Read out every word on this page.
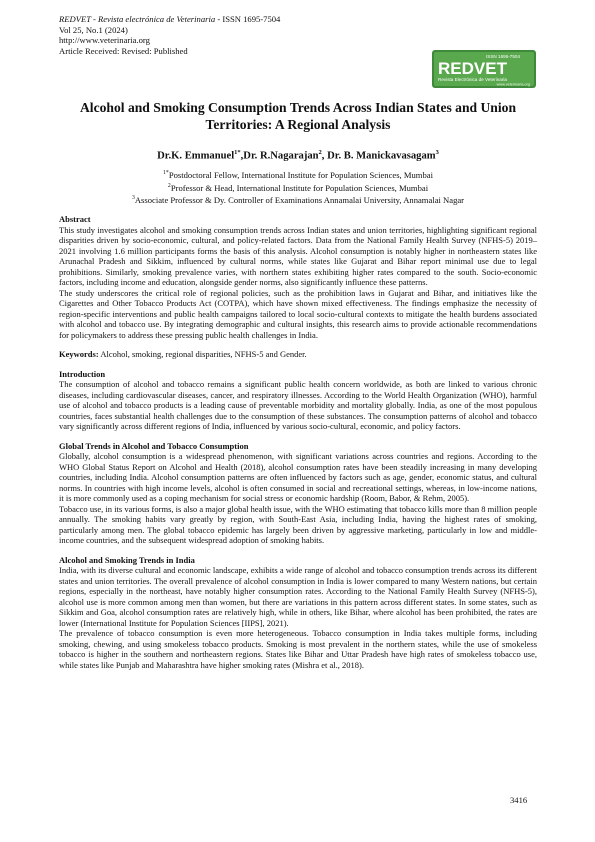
REDVET - Revista electrónica de Veterinaria - ISSN 1695-7504
Vol 25, No.1 (2024)
http://www.veterinaria.org
Article Received: Revised: Published
ISSN 1695-7504
REDVET
Revista Electrónica de Veterinaria
www.veterinaria.org
Alcohol and Smoking Consumption Trends Across Indian States and Union Territories: A Regional Analysis
Dr.K. Emmanuel$^{1*}$,Dr. R.Nagarajan$^2$, Dr. B. Manickavasagam$^3$
$^{1*}$Postdoctoral Fellow, International Institute for Population Sciences, Mumbai
$^2$Professor & Head, International Institute for Population Sciences, Mumbai
$^3$Associate Professor & Dy. Controller of Examinations Annamalai University, Annamalai Nagar
Abstract

This study investigates alcohol and smoking consumption trends across Indian states and union territories, highlighting significant regional disparities driven by socio-economic, cultural, and policy-related factors. Data from the National Family Health Survey (NFHS-5) 2019–2021 involving 1.6 million participants forms the basis of this analysis. Alcohol consumption is notably higher in northeastern states like Arunachal Pradesh and Sikkim, influenced by cultural norms, while states like Gujarat and Bihar report minimal use due to legal prohibitions. Similarly, smoking prevalence varies, with northern states exhibiting higher rates compared to the south. Socio-economic factors, including income and education, alongside gender norms, also significantly influence these patterns.

The study underscores the critical role of regional policies, such as the prohibition laws in Gujarat and Bihar, and initiatives like the Cigarettes and Other Tobacco Products Act (COTPA), which have shown mixed effectiveness. The findings emphasize the necessity of region-specific interventions and public health campaigns tailored to local socio-cultural contexts to mitigate the health burdens associated with alcohol and tobacco use. By integrating demographic and cultural insights, this research aims to provide actionable recommendations for policymakers to address these pressing public health challenges in India.

Keywords: Alcohol, smoking, regional disparities, NFHS-5 and Gender.

Introduction

The consumption of alcohol and tobacco remains a significant public health concern worldwide, as both are linked to various chronic diseases, including cardiovascular diseases, cancer, and respiratory illnesses. According to the World Health Organization (WHO), harmful use of alcohol and tobacco products is a leading cause of preventable morbidity and mortality globally. India, as one of the most populous countries, faces substantial health challenges due to the consumption of these substances. The consumption patterns of alcohol and tobacco vary significantly across different regions of India, influenced by various socio-cultural, economic, and policy factors.

Global Trends in Alcohol and Tobacco Consumption

Globally, alcohol consumption is a widespread phenomenon, with significant variations across countries and regions. According to the WHO Global Status Report on Alcohol and Health (2018), alcohol consumption rates have been steadily increasing in many developing countries, including India. Alcohol consumption patterns are often influenced by factors such as age, gender, economic status, and cultural norms. In countries with high income levels, alcohol is often consumed in social and recreational settings, whereas, in low-income nations, it is more commonly used as a coping mechanism for social stress or economic hardship (Room, Babor, & Rehm, 2005).

Tobacco use, in its various forms, is also a major global health issue, with the WHO estimating that tobacco kills more than 8 million people annually. The smoking habits vary greatly by region, with South-East Asia, including India, having the highest rates of smoking, particularly among men. The global tobacco epidemic has largely been driven by aggressive marketing, particularly in low and middle-income countries, and the subsequent widespread adoption of smoking habits.

Alcohol and Smoking Trends in India

India, with its diverse cultural and economic landscape, exhibits a wide range of alcohol and tobacco consumption trends across its different states and union territories. The overall prevalence of alcohol consumption in India is lower compared to many Western nations, but certain regions, especially in the northeast, have notably higher consumption rates. According to the National Family Health Survey (NFHS-5), alcohol use is more common among men than women, but there are variations in this pattern across different states. In some states, such as Sikkim and Goa, alcohol consumption rates are relatively high, while in others, like Bihar, where alcohol has been prohibited, the rates are lower (International Institute for Population Sciences [IIPS], 2021).

The prevalence of tobacco consumption is even more heterogeneous. Tobacco consumption in India takes multiple forms, including smoking, chewing, and using smokeless tobacco products. Smoking is most prevalent in the northern states, while the use of smokeless tobacco is higher in the southern and northeastern regions. States like Bihar and Uttar Pradesh have high rates of smokeless tobacco use, while states like Punjab and Maharashtra have higher smoking rates (Mishra et al., 2018).

3416
